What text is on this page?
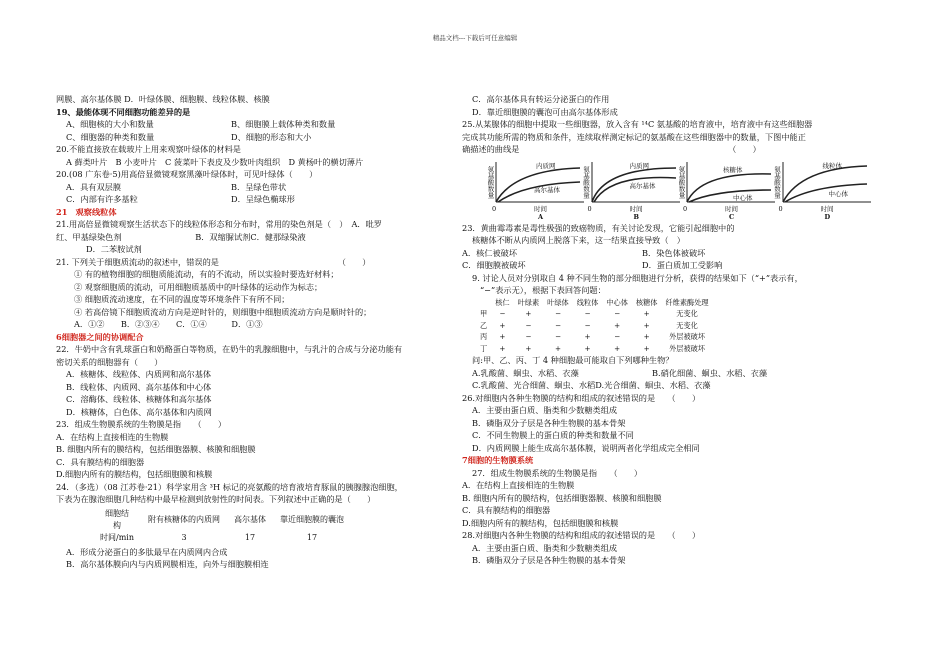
精品文档---下载后可任意编辑
网膜、高尔基体膜 D．叶绿体膜、细胞膜、线粒体膜、核膜
19、最能体现不同细胞功能差异的是
A、细胞核的大小和数量	B、细胞膜上载体种类和数量
C、细胞器的种类和数量	D、细胞的形态和大小
20.不能直接放在载玻片上用来观察叶绿体的材料是
A 藓类叶片　B 小麦叶片　C 菠菜叶下表皮及少数叶肉组织　D 黄杨叶的横切薄片
20.(08 广东卷·5)用高倍显微镜观察黑藻叶绿体时，可见叶绿体（　　）
A．具有双层膜	B．呈绿色带状
C．内部有许多基粒	D．呈绿色椭球形
21　观察线粒体
21.用高倍显微镜观察生活状态下的线粒体形态和分布时，常用的染色剂是（　）　A．吡罗
红、甲基绿染色剂　　　　　　　　　B．双缩脲试剂C．健那绿染液
D．二苯胺试剂
21. 下列关于细胞质流动的叙述中，错误的是　　　　　　　　　　　　　　　（　　）
① 有的植物细胞的细胞质能流动，有的不流动，所以实验时要选好材料；
② 观察细胞质的流动，可用细胞质基质中的叶绿体的运动作为标志；
③ 细胞质流动速度，在不同的温度等环境条件下有所不同；
④ 若高倍镜下细胞质流动方向是逆时针的，则细胞中细胞质流动方向是顺时针的；
A．①②　　B．②③④　　C．①④　　　D．①③
6细胞器之间的协调配合
22．牛奶中含有乳球蛋白和奶酪蛋白等物质，在奶牛的乳腺细胞中，与乳汁的合成与分泌功能有
密切关系的细胞器有（　　）
A．核糖体、线粒体、内质网和高尔基体
B．线粒体、内质网、高尔基体和中心体
C．溶酶体、线粒体、核糖体和高尔基体
D．核糖体，白色体、高尔基体和内质网
23．组成生物膜系统的生物膜是指　　（　　）
A．在结构上直接相连的生物膜
B. 细胞内所有的膜结构，包括细胞器膜、核膜和细胞膜
C．具有膜结构的细胞器
D.细胞内所有的膜结构，包括细胞膜和核膜
24．（多选）（08 江苏卷·21）科学家用含 ³H 标记的亮氨酸的培育液培育豚鼠的胰腺腺泡细胞，
下表为在腺泡细胞几种结构中最早检测到放射性的时间表。下列叙述中正确的是（　　）
细胞结
构	附有核糖体的内质网	高尔基体	靠近细胞膜的囊泡
时间/min	3	17	17
A．形成分泌蛋白的多肽最早在内质网内合成
B．高尔基体膜向内与内质网膜相连，向外与细胞膜相连
C．高尔基体具有转运分泌蛋白的作用
D．靠近细胞膜的囊泡可由高尔基体形成
25.从某腺体的细胞中提取一些细胞器，放入含有 ¹⁴C 氨基酸的培育液中，培育液中有这些细胞器
完成其功能所需的物质和条件，连续取样测定标记的氨基酸在这些细胞器中的数量，下图中能正
确描述的曲线是　　　　　　　　　　　　　　　　　　　　　　　　　　（　　）
内质网
高尔基体
氨基酸数量
0	时间
A
内质网
高尔基体
氨基酸数量
0	时间
B
核糖体
中心体
氨基酸数量
0	时间
C
线粒体
中心体
氨基酸数量
0	时间
D
23．黄曲霉毒素是毒性极强的致癌物质，有关讨论发现，它能引起细胞中的
核糖体不断从内质网上脱落下来，这一结果直接导致（　）
A．核仁被破坏	B．染色体被破坏
C．细胞膜被破坏	D．蛋白质加工受影响
9. 讨论人员对分别取自 4 种不同生物的部分细胞进行分析，获得的结果如下（“+”表示有，
“−”表示无），根据下表回答问题：
	核仁	叶绿素	叶绿体	线粒体	中心体	核糖体	纤维素酶处理
甲	−	+	−	−	−	+	无变化
乙	+	−	−	−	+	+	无变化
丙	+	−	−	+	−	+	外层被破坏
丁	+	+	+	+	+	+	外层被破坏
问:甲、乙、丙、丁 4 种细胞最可能取自下列哪种生物？
A.乳酸菌、蛔虫、水稻、衣藻	B.硝化细菌、蛔虫、水稻、衣藻
C.乳酸菌、光合细菌、蛔虫、水稻D.光合细菌、蛔虫、水稻、衣藻
26.对细胞内各种生物膜的结构和组成的叙述错误的是　　（　　）
A．主要由蛋白质、脂类和少数糖类组成
B．磷脂双分子层是各种生物膜的基本骨架
C．不同生物膜上的蛋白质的种类和数量不同
D．内质网膜上能生成高尔基体膜，说明两者化学组成完全相同
7细胞的生物膜系统
27．组成生物膜系统的生物膜是指　　（　　）
A．在结构上直接相连的生物膜
B. 细胞内所有的膜结构，包括细胞器膜、核膜和细胞膜
C．具有膜结构的细胞器
D.细胞内所有的膜结构，包括细胞膜和核膜
28.对细胞内各种生物膜的结构和组成的叙述错误的是　　（　　）
A．主要由蛋白质、脂类和少数糖类组成
B．磷脂双分子层是各种生物膜的基本骨架
